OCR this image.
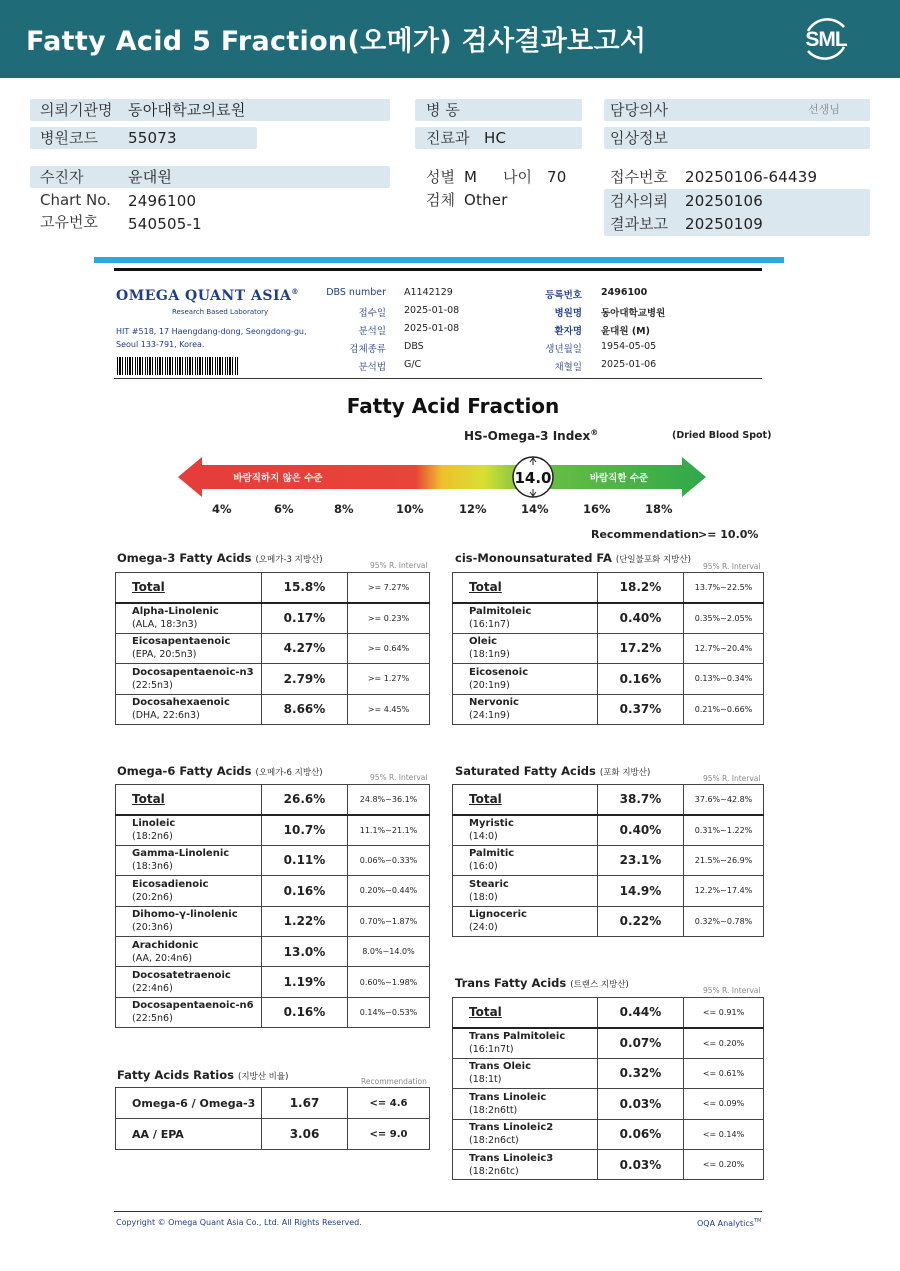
Fatty Acid 5 Fraction(오메가) 검사결과보고서	SML
의뢰기관명 동아대학교의료원	병 동	담당의사	선생님
병원코드 55073	진료과 HC	임상정보
수진자	윤대원	성별 M 나이 70	접수번호 20250106-64439
Chart No. 2496100	검체 Other	검사의뢰 20250106
고유번호 540505-1	결과보고 20250109
OMEGA QUANT ASIA®
Research Based Laboratory
HIT #518, 17 Haengdang-dong, Seongdong-gu,
Seoul 133-791, Korea.
DBS number A1142129
접수일 2025-01-08
분석일 2025-01-08
검체종류 DBS
분석법 G/C
등록번호 2496100
병원명 동아대학교병원
환자명 윤대원 (M)
생년월일 1954-05-05
채혈일 2025-01-06
Fatty Acid Fraction
HS-Omega-3 Index®	(Dried Blood Spot)
14.0
바람직하지 않은 수준	바람직한 수준
4%	6%	8%	10%	12%	14%	16%	18%
Recommendation >= 10.0%
Omega-3 Fatty Acids (오메가-3 지방산)
95% R. Interval
cis-Monounsaturated FA (단일불포화 지방산)
95% R. Interval
Omega-6 Fatty Acids (오메가-6 지방산)	95% R. Interval Saturated Fatty Acids (포화 지방산)
95% R. Interval
Trans Fatty Acids (트랜스 지방산)
95% R. Interval
Fatty Acids Ratios (지방산 비율)	Recommendation
Total	15.8%	>= 7.27%
Alpha-Linolenic
(ALA, 18:3n3)	0.17%	>= 0.23%
Eicosapentaenoic
(EPA, 20:5n3)	4.27%	>= 0.64%
Docosapentaenoic-n3
(22:5n3)	2.79%	>= 1.27%
Docosahexaenoic
(DHA, 22:6n3)	8.66%	>= 4.45%
Total	18.2%	13.7%~22.5%
Palmitoleic
(16:1n7)	0.40%	0.35%~2.05%
Oleic
(18:1n9)	17.2%	12.7%~20.4%
Eicosenoic
(20:1n9)	0.16%	0.13%~0.34%
Nervonic
(24:1n9)	0.37%	0.21%~0.66%
Total	26.6%	24.8%~36.1%
Linoleic
(18:2n6)	10.7%	11.1%~21.1%
Gamma-Linolenic
(18:3n6)	0.11%	0.06%~0.33%
Eicosadienoic
(20:2n6)	0.16%	0.20%~0.44%
Dihomo-γ-linolenic
(20:3n6)	1.22%	0.70%~1.87%
Arachidonic
(AA, 20:4n6)	13.0%	8.0%~14.0%
Docosatetraenoic
(22:4n6)	1.19%	0.60%~1.98%
Docosapentaenoic-n6
(22:5n6)	0.16%	0.14%~0.53%
Total	38.7%	37.6%~42.8%
Myristic
(14:0)	0.40%	0.31%~1.22%
Palmitic
(16:0)	23.1%	21.5%~26.9%
Stearic
(18:0)	14.9%	12.2%~17.4%
Lignoceric
(24:0)	0.22%	0.32%~0.78%
Total	0.44%	<= 0.91%
Trans Palmitoleic
(16:1n7t)	0.07%	<= 0.20%
Trans Oleic
(18:1t)	0.32%	<= 0.61%
Trans Linoleic
(18:2n6tt)	0.03%	<= 0.09%
Trans Linoleic2
(18:2n6ct)	0.06%	<= 0.14%
Trans Linoleic3
(18:2n6tc)	0.03%	<= 0.20%
Omega-6 / Omega-3	1.67	<= 4.6
AA / EPA	3.06	<= 9.0
Copyright © Omega Quant Asia Co., Ltd. All Rights Reserved.	OQA Analytics™
